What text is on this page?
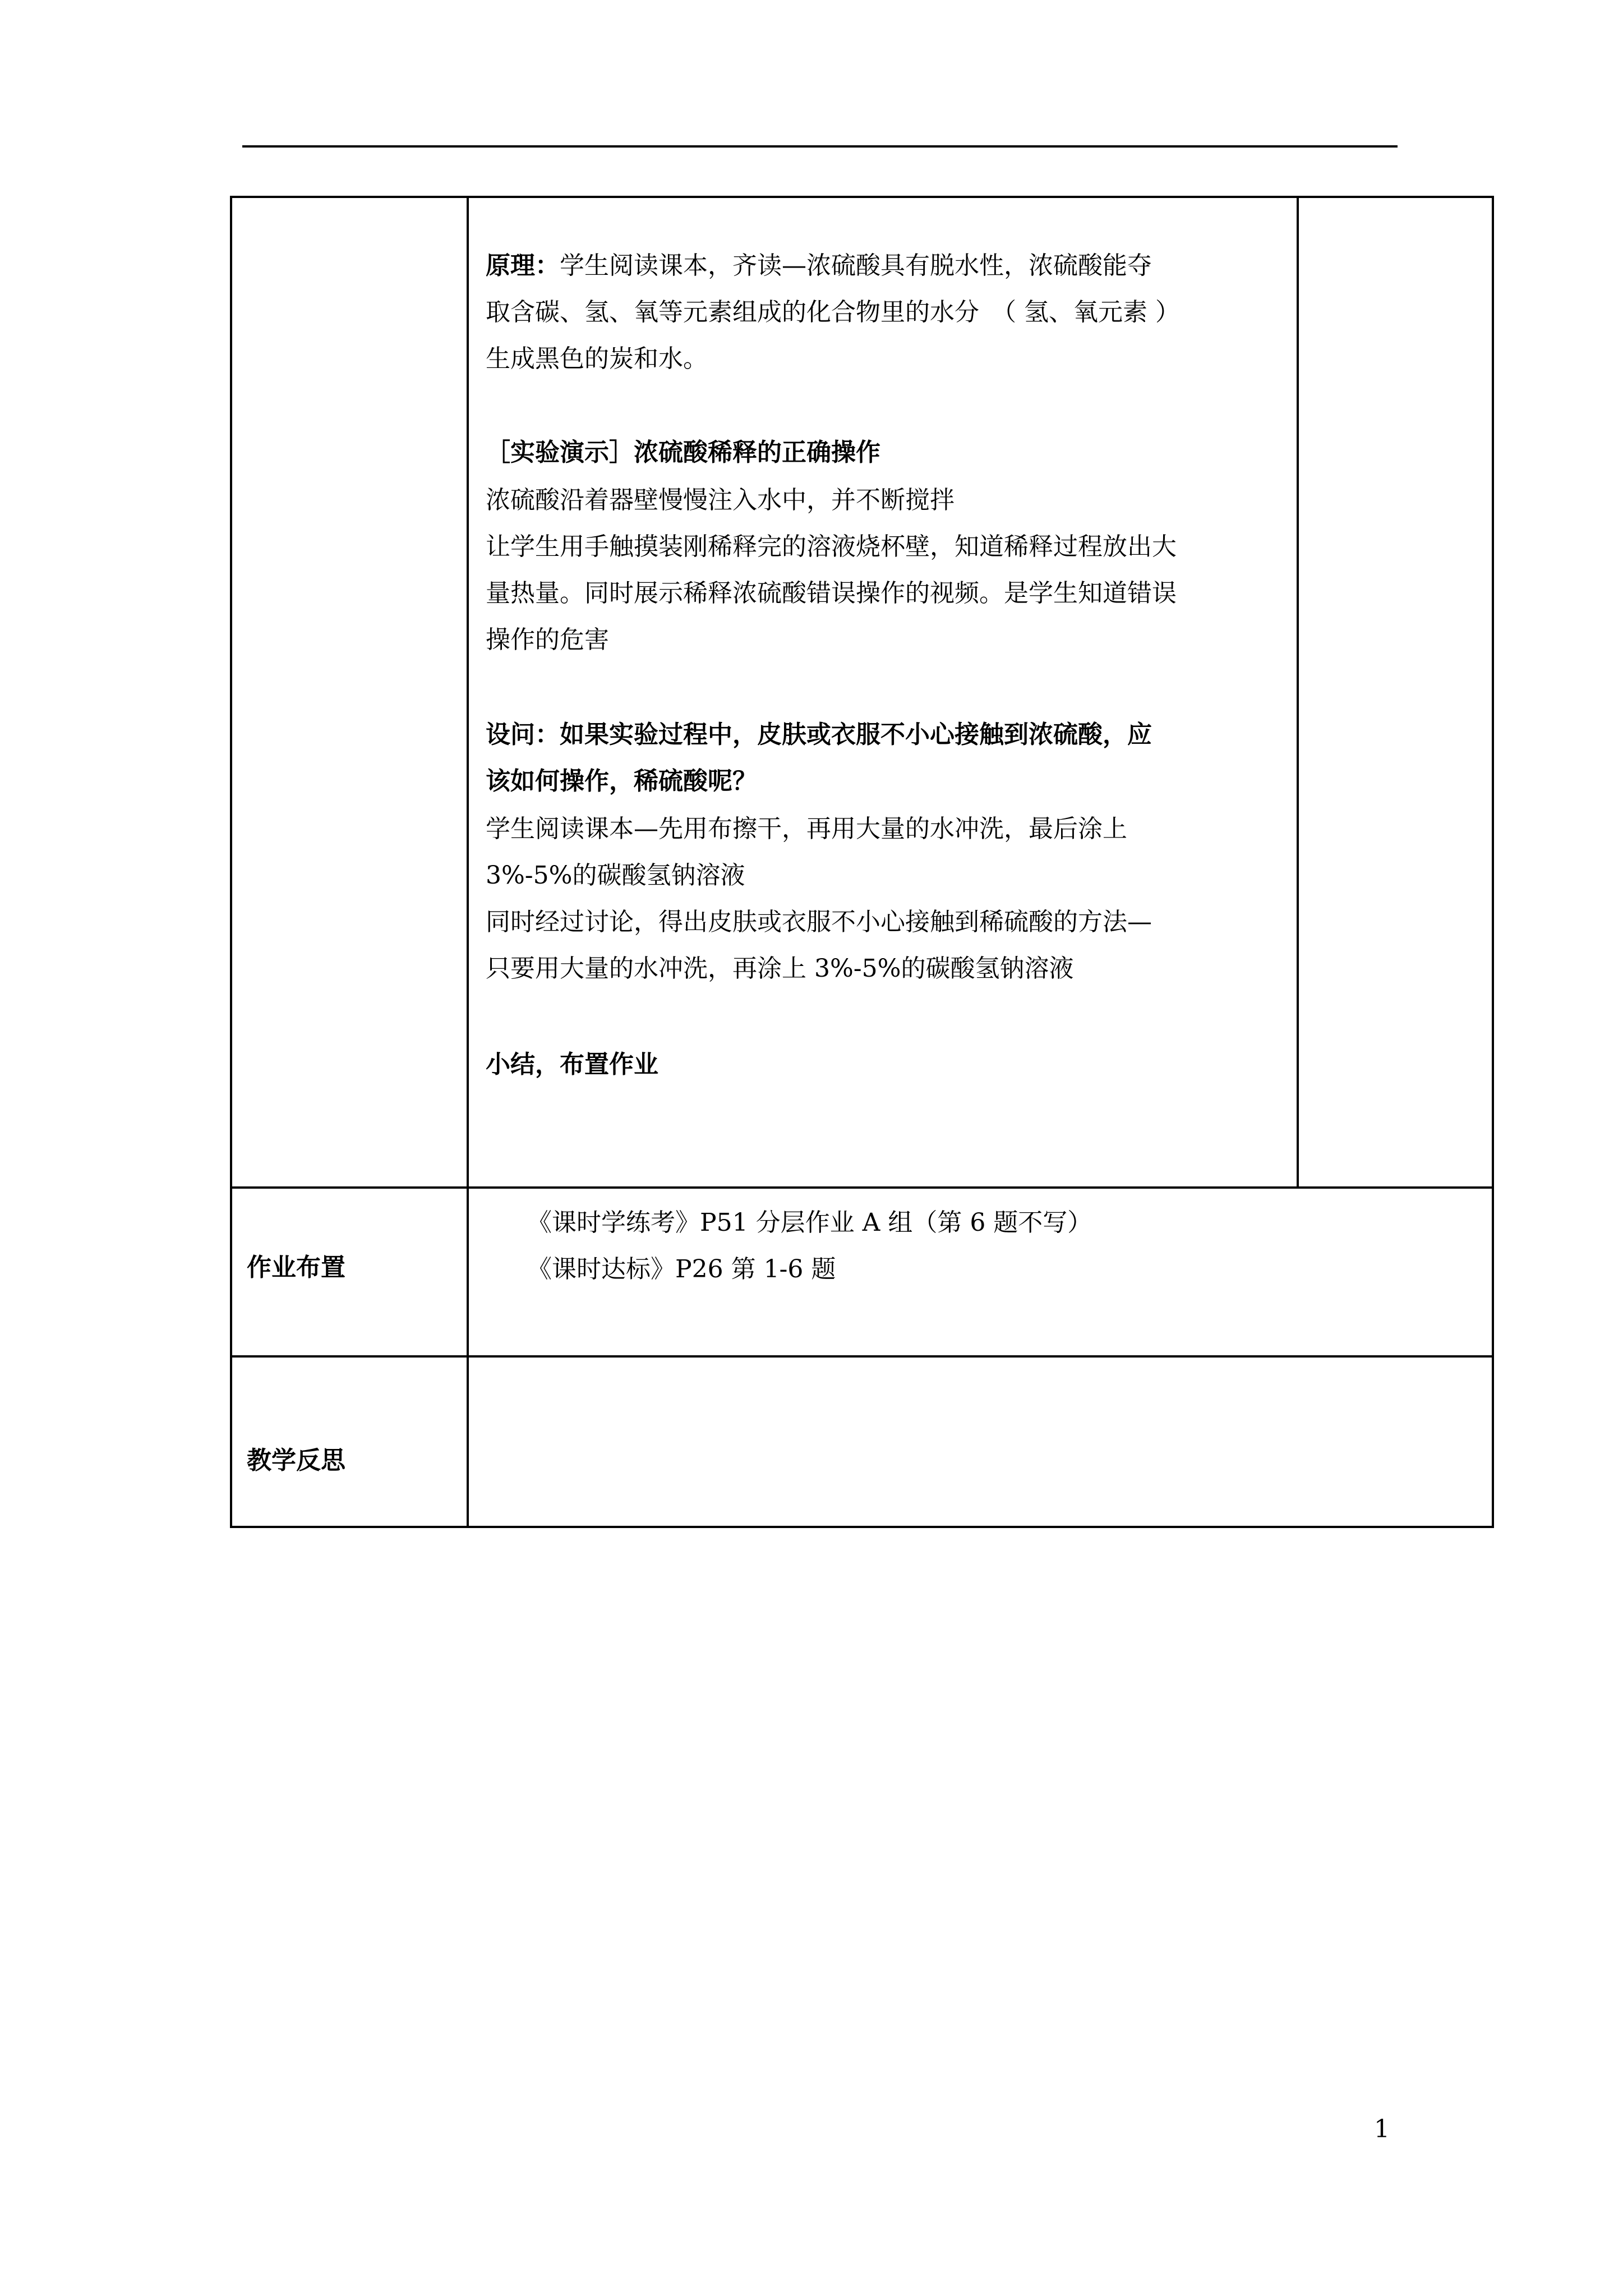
原理：学生阅读课本，齐读—浓硫酸具有脱水性，浓硫酸能夺
取含碳、氢、氧等元素组成的化合物里的水分　（ 氢、氧元素 ）
生成黑色的炭和水。
［实验演示］浓硫酸稀释的正确操作
浓硫酸沿着器壁慢慢注入水中，并不断搅拌
让学生用手触摸装刚稀释完的溶液烧杯壁，知道稀释过程放出大
量热量。同时展示稀释浓硫酸错误操作的视频。是学生知道错误
操作的危害
设问：如果实验过程中，皮肤或衣服不小心接触到浓硫酸，应
该如何操作，稀硫酸呢？
学生阅读课本—先用布擦干，再用大量的水冲洗，最后涂上
3%-5%的碳酸氢钠溶液
同时经过讨论，得出皮肤或衣服不小心接触到稀硫酸的方法—
只要用大量的水冲洗，再涂上 3%-5%的碳酸氢钠溶液
小结，布置作业
作业布置
《课时学练考》P51 分层作业 A 组（第 6 题不写）
《课时达标》P26 第 1-6 题
教学反思
1
